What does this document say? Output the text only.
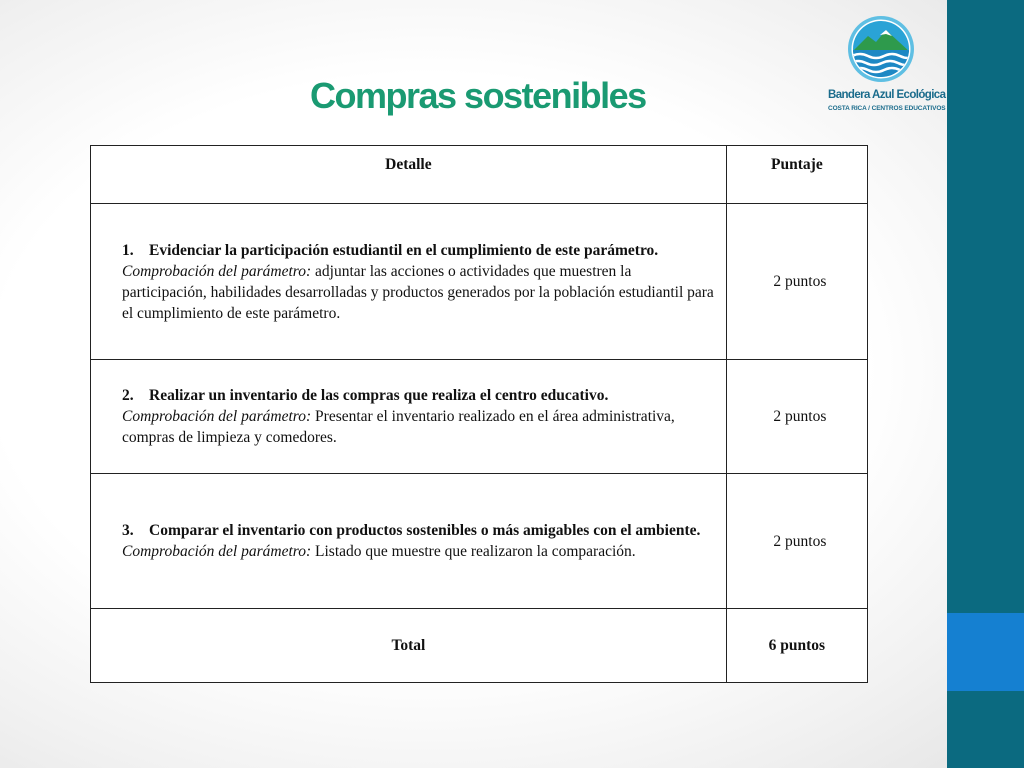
Compras sostenibles	Bandera Azul Ecológica
COSTA RICA / CENTROS EDUCATIVOS
Detalle	Puntaje

1. Evidenciar la participación estudiantil en el cumplimiento de este parámetro.
Comprobación del parámetro: adjuntar las acciones o actividades que muestren la participación, habilidades desarrolladas y productos generados por la población estudiantil para el cumplimiento de este parámetro.	2 puntos

2. Realizar un inventario de las compras que realiza el centro educativo.
Comprobación del parámetro: Presentar el inventario realizado en el área administrativa, compras de limpieza y comedores.	2 puntos

3. Comparar el inventario con productos sostenibles o más amigables con el ambiente.
Comprobación del parámetro: Listado que muestre que realizaron la comparación.	2 puntos
Total	6 puntos
